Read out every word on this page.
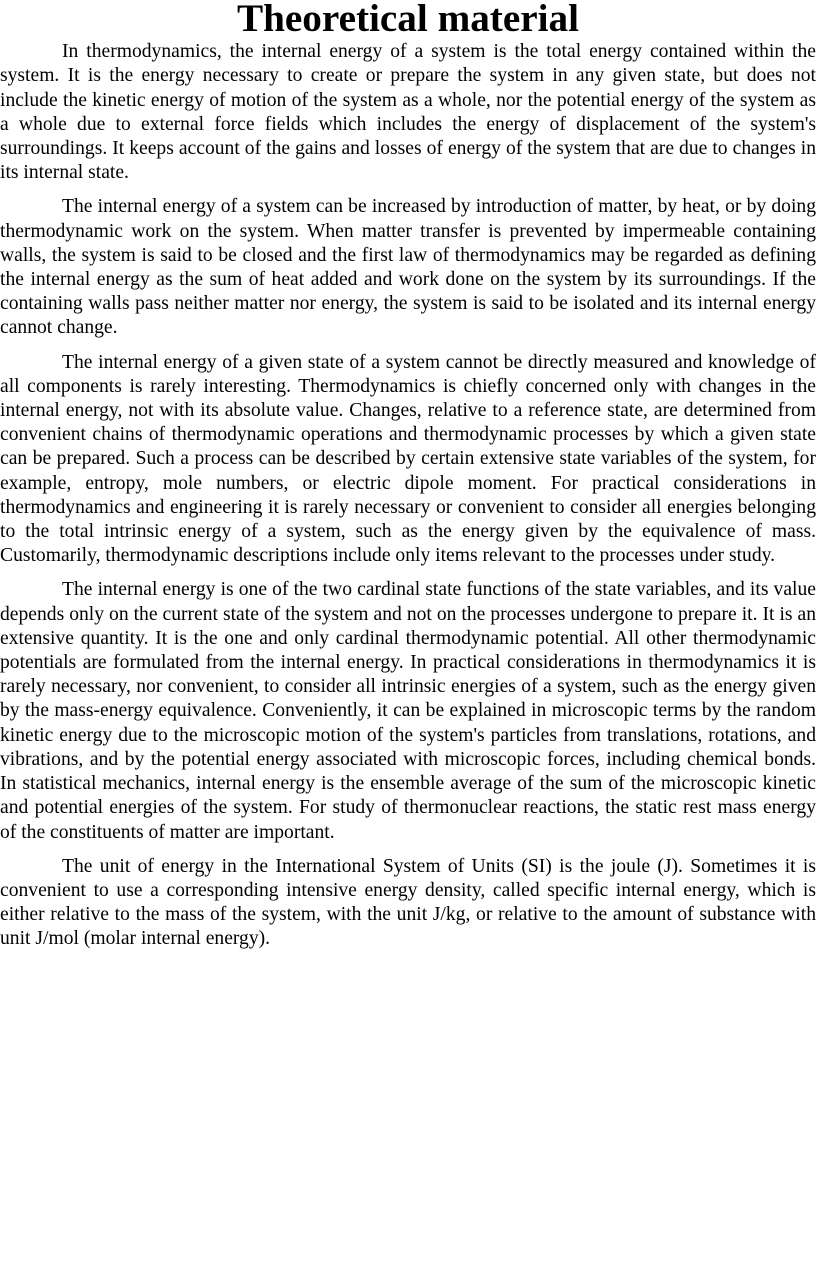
Theoretical material

In thermodynamics, the internal energy of a system is the total energy contained within the system. It is the energy necessary to create or prepare the system in any given state, but does not include the kinetic energy of motion of the system as a whole, nor the potential energy of the system as a whole due to external force fields which includes the energy of displacement of the system's surroundings. It keeps account of the gains and losses of energy of the system that are due to changes in its internal state.

The internal energy of a system can be increased by introduction of matter, by heat, or by doing thermodynamic work on the system. When matter transfer is prevented by impermeable containing walls, the system is said to be closed and the first law of thermodynamics may be regarded as defining the internal energy as the sum of heat added and work done on the system by its surroundings. If the containing walls pass neither matter nor energy, the system is said to be isolated and its internal energy cannot change.

The internal energy of a given state of a system cannot be directly measured and knowledge of all components is rarely interesting. Thermodynamics is chiefly concerned only with changes in the internal energy, not with its absolute value. Changes, relative to a reference state, are determined from convenient chains of thermodynamic operations and thermodynamic processes by which a given state can be prepared. Such a process can be described by certain extensive state variables of the system, for example, entropy, mole numbers, or electric dipole moment. For practical considerations in thermodynamics and engineering it is rarely necessary or convenient to consider all energies belonging to the total intrinsic energy of a system, such as the energy given by the equivalence of mass. Customarily, thermodynamic descriptions include only items relevant to the processes under study.

The internal energy is one of the two cardinal state functions of the state variables, and its value depends only on the current state of the system and not on the processes undergone to prepare it. It is an extensive quantity. It is the one and only cardinal thermodynamic potential. All other thermodynamic potentials are formulated from the internal energy. In practical considerations in thermodynamics it is rarely necessary, nor convenient, to consider all intrinsic energies of a system, such as the energy given by the mass-energy equivalence. Conveniently, it can be explained in microscopic terms by the random kinetic energy due to the microscopic motion of the system's particles from translations, rotations, and vibrations, and by the potential energy associated with microscopic forces, including chemical bonds. In statistical mechanics, internal energy is the ensemble average of the sum of the microscopic kinetic and potential energies of the system. For study of thermonuclear reactions, the static rest mass energy of the constituents of matter are important.

The unit of energy in the International System of Units (SI) is the joule (J). Sometimes it is convenient to use a corresponding intensive energy density, called specific internal energy, which is either relative to the mass of the system, with the unit J/kg, or relative to the amount of substance with unit J/mol (molar internal energy).
